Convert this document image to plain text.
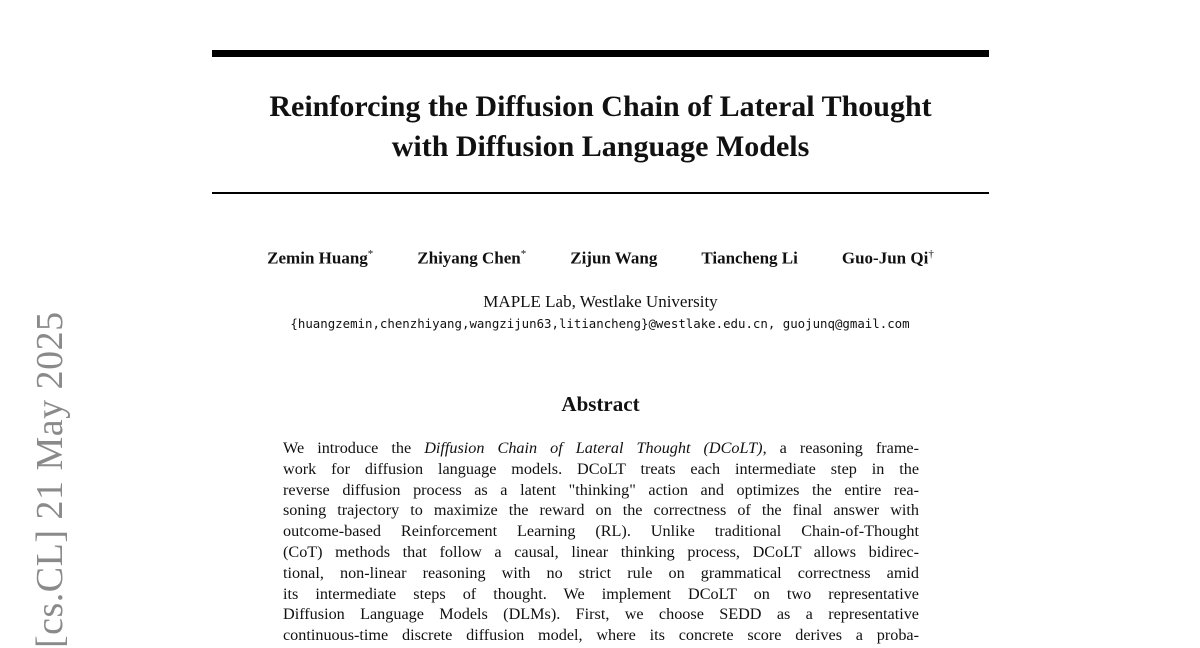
[cs.CL] 21 May 2025
Reinforcing the Diffusion Chain of Lateral Thought
with Diffusion Language Models
Zemin Huang*	Zhiyang Chen*	Zijun Wang	Tiancheng Li	Guo-Jun Qi†
MAPLE Lab, Westlake University
{huangzemin,chenzhiyang,wangzijun63,litiancheng}@westlake.edu.cn, guojunq@gmail.com
Abstract
We introduce the Diffusion Chain of Lateral Thought (DCoLT), a reasoning frame-
work for diffusion language models. DCoLT treats each intermediate step in the
reverse diffusion process as a latent "thinking" action and optimizes the entire rea-
soning trajectory to maximize the reward on the correctness of the final answer with
outcome-based Reinforcement Learning (RL). Unlike traditional Chain-of-Thought
(CoT) methods that follow a causal, linear thinking process, DCoLT allows bidirec-
tional, non-linear reasoning with no strict rule on grammatical correctness amid
its intermediate steps of thought. We implement DCoLT on two representative
Diffusion Language Models (DLMs). First, we choose SEDD as a representative
continuous-time discrete diffusion model, where its concrete score derives a proba-
